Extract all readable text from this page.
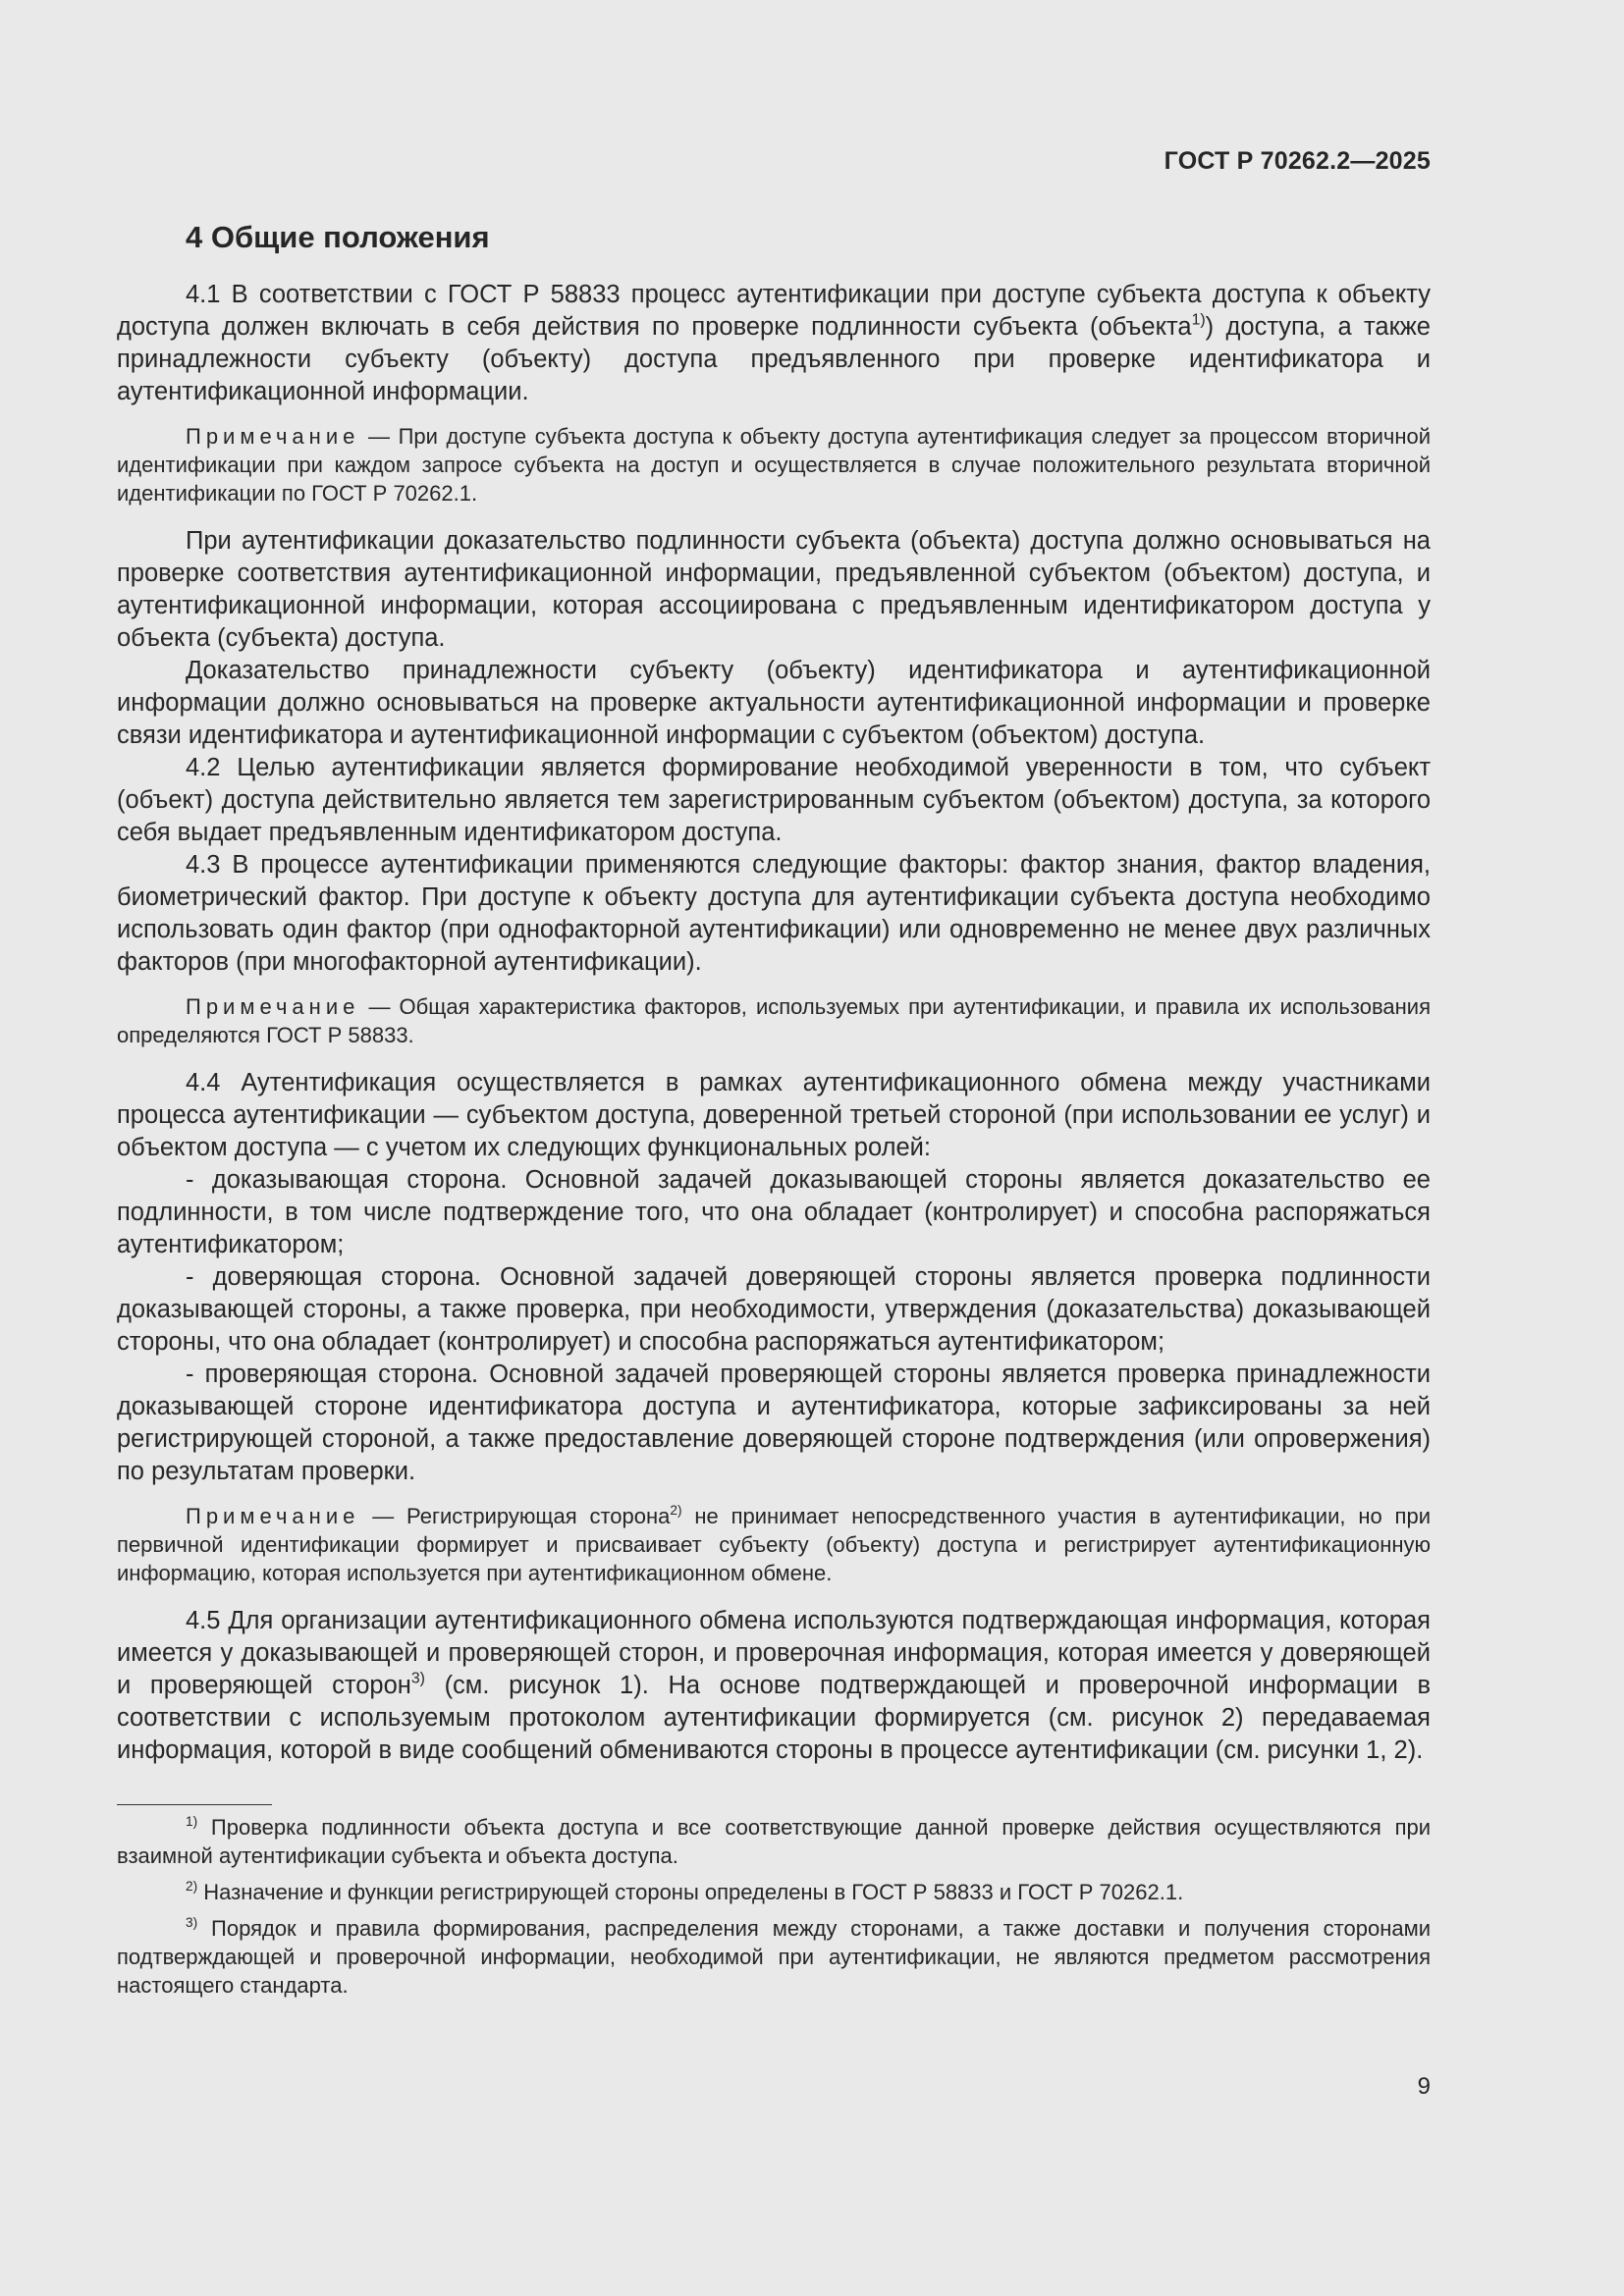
ГОСТ Р 70262.2—2025
4 Общие положения

4.1 В соответствии с ГОСТ Р 58833 процесс аутентификации при доступе субъекта доступа к объекту доступа должен включать в себя действия по проверке подлинности субъекта (объекта$^{1)}$) доступа, а также принадлежности субъекту (объекту) доступа предъявленного при проверке идентификатора и аутентификационной информации.

Примечание — При доступе субъекта доступа к объекту доступа аутентификация следует за процессом вторичной идентификации при каждом запросе субъекта на доступ и осуществляется в случае положительного результата вторичной идентификации по ГОСТ Р 70262.1.

При аутентификации доказательство подлинности субъекта (объекта) доступа должно основываться на проверке соответствия аутентификационной информации, предъявленной субъектом (объектом) доступа, и аутентификационной информации, которая ассоциирована с предъявленным идентификатором доступа у объекта (субъекта) доступа.

Доказательство принадлежности субъекту (объекту) идентификатора и аутентификационной информации должно основываться на проверке актуальности аутентификационной информации и проверке связи идентификатора и аутентификационной информации с субъектом (объектом) доступа.

4.2 Целью аутентификации является формирование необходимой уверенности в том, что субъект (объект) доступа действительно является тем зарегистрированным субъектом (объектом) доступа, за которого себя выдает предъявленным идентификатором доступа.

4.3 В процессе аутентификации применяются следующие факторы: фактор знания, фактор владения, биометрический фактор. При доступе к объекту доступа для аутентификации субъекта доступа необходимо использовать один фактор (при однофакторной аутентификации) или одновременно не менее двух различных факторов (при многофакторной аутентификации).

Примечание — Общая характеристика факторов, используемых при аутентификации, и правила их использования определяются ГОСТ Р 58833.

4.4 Аутентификация осуществляется в рамках аутентификационного обмена между участниками процесса аутентификации — субъектом доступа, доверенной третьей стороной (при использовании ее услуг) и объектом доступа — с учетом их следующих функциональных ролей:

- доказывающая сторона. Основной задачей доказывающей стороны является доказательство ее подлинности, в том числе подтверждение того, что она обладает (контролирует) и способна распоряжаться аутентификатором;

- доверяющая сторона. Основной задачей доверяющей стороны является проверка подлинности доказывающей стороны, а также проверка, при необходимости, утверждения (доказательства) доказывающей стороны, что она обладает (контролирует) и способна распоряжаться аутентификатором;

- проверяющая сторона. Основной задачей проверяющей стороны является проверка принадлежности доказывающей стороне идентификатора доступа и аутентификатора, которые зафиксированы за ней регистрирующей стороной, а также предоставление доверяющей стороне подтверждения (или опровержения) по результатам проверки.

Примечание — Регистрирующая сторона$^{2)}$ не принимает непосредственного участия в аутентификации, но при первичной идентификации формирует и присваивает субъекту (объекту) доступа и регистрирует аутентификационную информацию, которая используется при аутентификационном обмене.

4.5 Для организации аутентификационного обмена используются подтверждающая информация, которая имеется у доказывающей и проверяющей сторон, и проверочная информация, которая имеется у доверяющей и проверяющей сторон$^{3)}$ (см. рисунок 1). На основе подтверждающей и проверочной информации в соответствии с используемым протоколом аутентификации формируется (см. рисунок 2) передаваемая информация, которой в виде сообщений обмениваются стороны в процессе аутентификации (см. рисунки 1, 2).

$^{1)}$ Проверка подлинности объекта доступа и все соответствующие данной проверке действия осуществляются при взаимной аутентификации субъекта и объекта доступа.

$^{2)}$ Назначение и функции регистрирующей стороны определены в ГОСТ Р 58833 и ГОСТ Р 70262.1.

$^{3)}$ Порядок и правила формирования, распределения между сторонами, а также доставки и получения сторонами подтверждающей и проверочной информации, необходимой при аутентификации, не являются предметом рассмотрения настоящего стандарта.

9
